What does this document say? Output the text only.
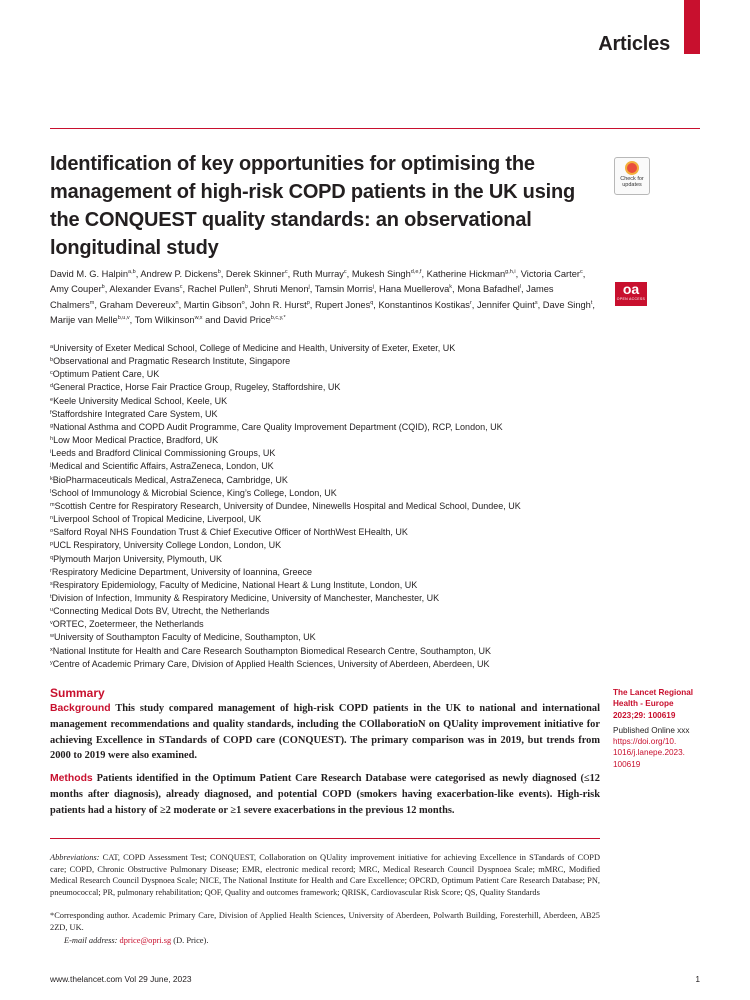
Articles
Identification of key opportunities for optimising the management of high-risk COPD patients in the UK using the CONQUEST quality standards: an observational longitudinal study
Check for updates
oa
OPEN ACCESS
David M. G. Halpin$^{a,b}$, Andrew P. Dickens$^b$, Derek Skinner$^c$, Ruth Murray$^c$, Mukesh Singh$^{d,e,f}$, Katherine Hickman$^{g,h,i}$, Victoria Carter$^c$, Amy Couper$^b$, Alexander Evans$^c$, Rachel Pullen$^b$, Shruti Menon$^j$, Tamsin Morris$^j$, Hana Muellerova$^k$, Mona Bafadhel$^l$, James Chalmers$^m$, Graham Devereux$^n$, Martin Gibson$^o$, John R. Hurst$^p$, Rupert Jones$^q$, Konstantinos Kostikas$^r$, Jennifer Quint$^s$, Dave Singh$^t$, Marije van Melle$^{b,u,v}$, Tom Wilkinson$^{w,x}$ and David Price$^{b,c,y,*}$
$^a$University of Exeter Medical School, College of Medicine and Health, University of Exeter, Exeter, UK
$^b$Observational and Pragmatic Research Institute, Singapore
$^c$Optimum Patient Care, UK
$^d$General Practice, Horse Fair Practice Group, Rugeley, Staffordshire, UK
$^e$Keele University Medical School, Keele, UK
$^f$Staffordshire Integrated Care System, UK
$^g$National Asthma and COPD Audit Programme, Care Quality Improvement Department (CQID), RCP, London, UK
$^h$Low Moor Medical Practice, Bradford, UK
$^i$Leeds and Bradford Clinical Commissioning Groups, UK
$^j$Medical and Scientific Affairs, AstraZeneca, London, UK
$^k$BioPharmaceuticals Medical, AstraZeneca, Cambridge, UK
$^l$School of Immunology & Microbial Science, King’s College, London, UK
$^m$Scottish Centre for Respiratory Research, University of Dundee, Ninewells Hospital and Medical School, Dundee, UK
$^n$Liverpool School of Tropical Medicine, Liverpool, UK
$^o$Salford Royal NHS Foundation Trust & Chief Executive Officer of NorthWest EHealth, UK
$^p$UCL Respiratory, University College London, London, UK
$^q$Plymouth Marjon University, Plymouth, UK
$^r$Respiratory Medicine Department, University of Ioannina, Greece
$^s$Respiratory Epidemiology, Faculty of Medicine, National Heart & Lung Institute, London, UK
$^t$Division of Infection, Immunity & Respiratory Medicine, University of Manchester, Manchester, UK
$^u$Connecting Medical Dots BV, Utrecht, the Netherlands
$^v$ORTEC, Zoetermeer, the Netherlands
$^w$University of Southampton Faculty of Medicine, Southampton, UK
$^x$National Institute for Health and Care Research Southampton Biomedical Research Centre, Southampton, UK
$^y$Centre of Academic Primary Care, Division of Applied Health Sciences, University of Aberdeen, Aberdeen, UK
Summary

Background This study compared management of high-risk COPD patients in the UK to national and international management recommendations and quality standards, including the COllaboratioN on QUality improvement initiative for achieving Excellence in STandards of COPD care (CONQUEST). The primary comparison was in 2019, but trends from 2000 to 2019 were also examined.

Methods Patients identified in the Optimum Patient Care Research Database were categorised as newly diagnosed (≤12 months after diagnosis), already diagnosed, and potential COPD (smokers having exacerbation-like events). High-risk patients had a history of ≥2 moderate or ≥1 severe exacerbations in the previous 12 months.

The Lancet Regional
Health - Europe
2023;29: 100619
Published Online xxx
https://doi.org/10.
1016/j.lanepe.2023.
100619

Abbreviations: CAT, COPD Assessment Test; CONQUEST, Collaboration on QUality improvement initiative for achieving Excellence in STandards of COPD care; COPD, Chronic Obstructive Pulmonary Disease; EMR, electronic medical record; MRC, Medical Research Council Dyspnoea Scale; mMRC, Modified Medical Research Council Dyspnoea Scale; NICE, The National Institute for Health and Care Excellence; OPCRD, Optimum Patient Care Research Database; PN, pneumococcal; PR, pulmonary rehabilitation; QOF, Quality and outcomes framework; QRISK, Cardiovascular Risk Score; QS, Quality Standards

*Corresponding author. Academic Primary Care, Division of Applied Health Sciences, University of Aberdeen, Polwarth Building, Foresterhill, Aberdeen, AB25 2ZD, UK.

E-mail address: dprice@opri.sg (D. Price).

www.thelancet.com Vol 29 June, 2023	1
